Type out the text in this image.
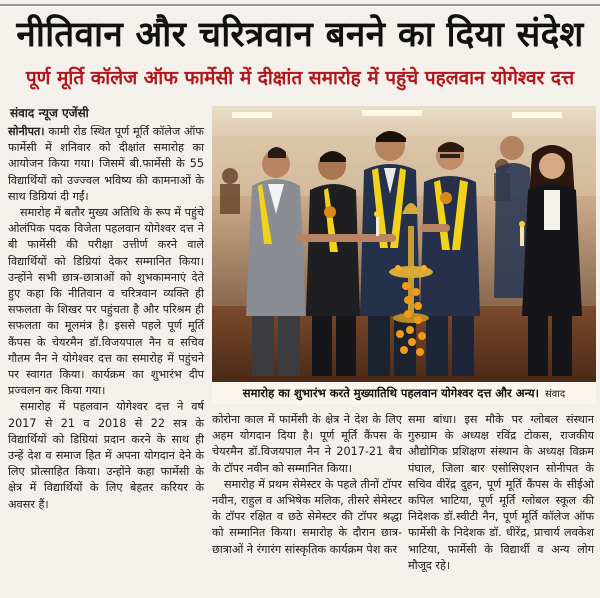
नीतिवान और चरित्रवान बनने का दिया संदेश
पूर्ण मूर्ति कॉलेज ऑफ फार्मेसी में दीक्षांत समारोह में पहुंचे पहलवान योगेश्वर दत्त
संवाद न्यूज एजेंसी

सोनीपत। कामी रोड स्थित पूर्ण मूर्ति कॉलेज ऑफ फार्मेसी में शनिवार को दीक्षांत समारोह का आयोजन किया गया। जिसमें बी.फार्मेसी के 55 विद्यार्थियों को उज्ज्वल भविष्य की कामनाओं के साथ डिग्रियां दी गईं।

समारोह में बतौर मुख्य अतिथि के रूप में पहुंचे ओलंपिक पदक विजेता पहलवान योगेश्वर दत्त ने बी फार्मेसी की परीक्षा उत्तीर्ण करने वाले विद्यार्थियों को डिग्रियां देकर सम्मानित किया। उन्होंने सभी छात्र-छात्राओं को शुभकामनाएं देते हुए कहा कि नीतिवान व चरित्रवान व्यक्ति ही सफलता के शिखर पर पहुंचता है और परिश्रम ही सफलता का मूलमंत्र है। इससे पहले पूर्ण मूर्ति कैंपस के चेयरमैन डॉ.विजयपाल नैन व सचिव गौतम नैन ने योगेश्वर दत्त का समारोह में पहुंचने पर स्वागत किया। कार्यक्रम का शुभारंभ दीप प्रज्वलन कर किया गया।

समारोह में पहलवान योगेश्वर दत्त ने वर्ष 2017 से 21 व 2018 से 22 सत्र के विद्यार्थियों को डिग्रियां प्रदान करने के साथ ही उन्हें देश व समाज हित में अपना योगदान देने के लिए प्रोत्साहित किया। उन्होंने कहा फार्मेसी के क्षेत्र में विद्यार्थियों के लिए बेहतर करियर के अवसर हैं।

समारोह का शुभारंभ करते मुख्यातिथि पहलवान योगेश्वर दत्त और अन्य। संवाद

कोरोना काल में फार्मेसी के क्षेत्र ने देश के लिए अहम योगदान दिया है। पूर्ण मूर्ति कैंपस के चेयरमैन डॉ.विजयपाल नैन ने 2017-21 बैच के टॉपर नवीन को सम्मानित किया।

समारोह में प्रथम सेमेस्टर के पहले तीनों टॉपर नवीन, राहुल व अभिषेक मलिक, तीसरे सेमेस्टर के टॉपर रक्षित व छठे सेमेस्टर की टॉपर श्रद्धा को सम्मानित किया। समारोह के दौरान छात्र- छात्राओं ने रंगारंग सांस्कृतिक कार्यक्रम पेश कर

समा बांधा। इस मौके पर ग्लोबल संस्थान गुरुग्राम के अध्यक्ष रविंद्र टोकस, राजकीय औद्योगिक प्रशिक्षण संस्थान के अध्यक्ष विक्रम पंघाल, जिला बार एसोसिएशन सोनीपत के सचिव वीरेंद्र दुहन, पूर्ण मूर्ति कैंपस के सीईओ कपिल भाटिया, पूर्ण मूर्ति ग्लोबल स्कूल की निदेशक डॉ.स्वीटी नैन, पूर्ण मूर्ति कॉलेज ऑफ फार्मेसी के निदेशक डॉ. धीरेंद्र, प्राचार्य लवकेश भाटिया, फार्मेसी के विद्यार्थी व अन्य लोग मौजूद रहे।
